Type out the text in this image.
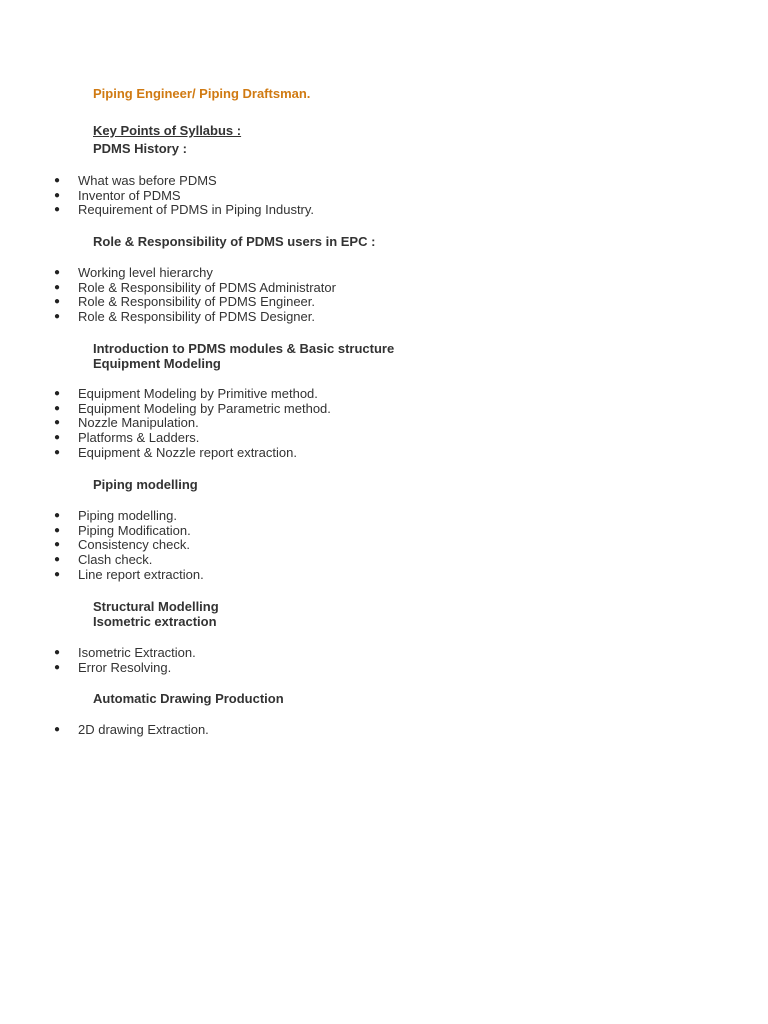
Piping Engineer/ Piping Draftsman.
Key Points of Syllabus :
PDMS History :
● What was before PDMS
● Inventor of PDMS
● Requirement of PDMS in Piping Industry.
Role & Responsibility of PDMS users in EPC :
● Working level hierarchy
● Role & Responsibility of PDMS Administrator
● Role & Responsibility of PDMS Engineer.
● Role & Responsibility of PDMS Designer.
Introduction to PDMS modules & Basic structure
Equipment Modeling
● Equipment Modeling by Primitive method.
● Equipment Modeling by Parametric method.
● Nozzle Manipulation.
● Platforms & Ladders.
● Equipment & Nozzle report extraction.
Piping modelling
● Piping modelling.
● Piping Modification.
● Consistency check.
● Clash check.
● Line report extraction.
Structural Modelling
Isometric extraction
● Isometric Extraction.
● Error Resolving.
Automatic Drawing Production
● 2D drawing Extraction.
